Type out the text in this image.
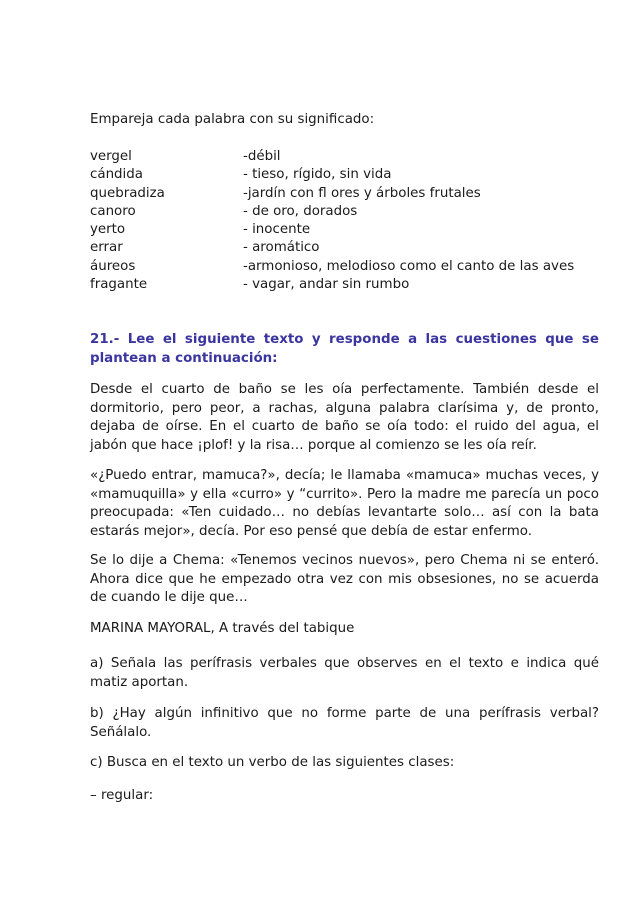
Empareja cada palabra con su significado:
vergel	-débil
cándida	- tieso, rígido, sin vida
quebradiza	-jardín con fl ores y árboles frutales
canoro	- de oro, dorados
yerto	- inocente
errar	- aromático
áureos	-armonioso, melodioso como el canto de las aves
fragante	- vagar, andar sin rumbo
21.- Lee el siguiente texto y responde a las cuestiones que se plantean a continuación:

Desde el cuarto de baño se les oía perfectamente. También desde el dormitorio, pero peor, a rachas, alguna palabra clarísima y, de pronto, dejaba de oírse. En el cuarto de baño se oía todo: el ruido del agua, el jabón que hace ¡plof! y la risa… porque al comienzo se les oía reír.

«¿Puedo entrar, mamuca?», decía; le llamaba «mamuca» muchas veces, y «mamuquilla» y ella «curro» y “currito». Pero la madre me parecía un poco preocupada: «Ten cuidado… no debías levantarte solo… así con la bata estarás mejor», decía. Por eso pensé que debía de estar enfermo.

Se lo dije a Chema: «Tenemos vecinos nuevos», pero Chema ni se enteró. Ahora dice que he empezado otra vez con mis obsesiones, no se acuerda de cuando le dije que…

MARINA MAYORAL, A través del tabique

a) Señala las perífrasis verbales que observes en el texto e indica qué matiz aportan.

b) ¿Hay algún infinitivo que no forme parte de una perífrasis verbal? Señálalo.

c) Busca en el texto un verbo de las siguientes clases:

– regular:
